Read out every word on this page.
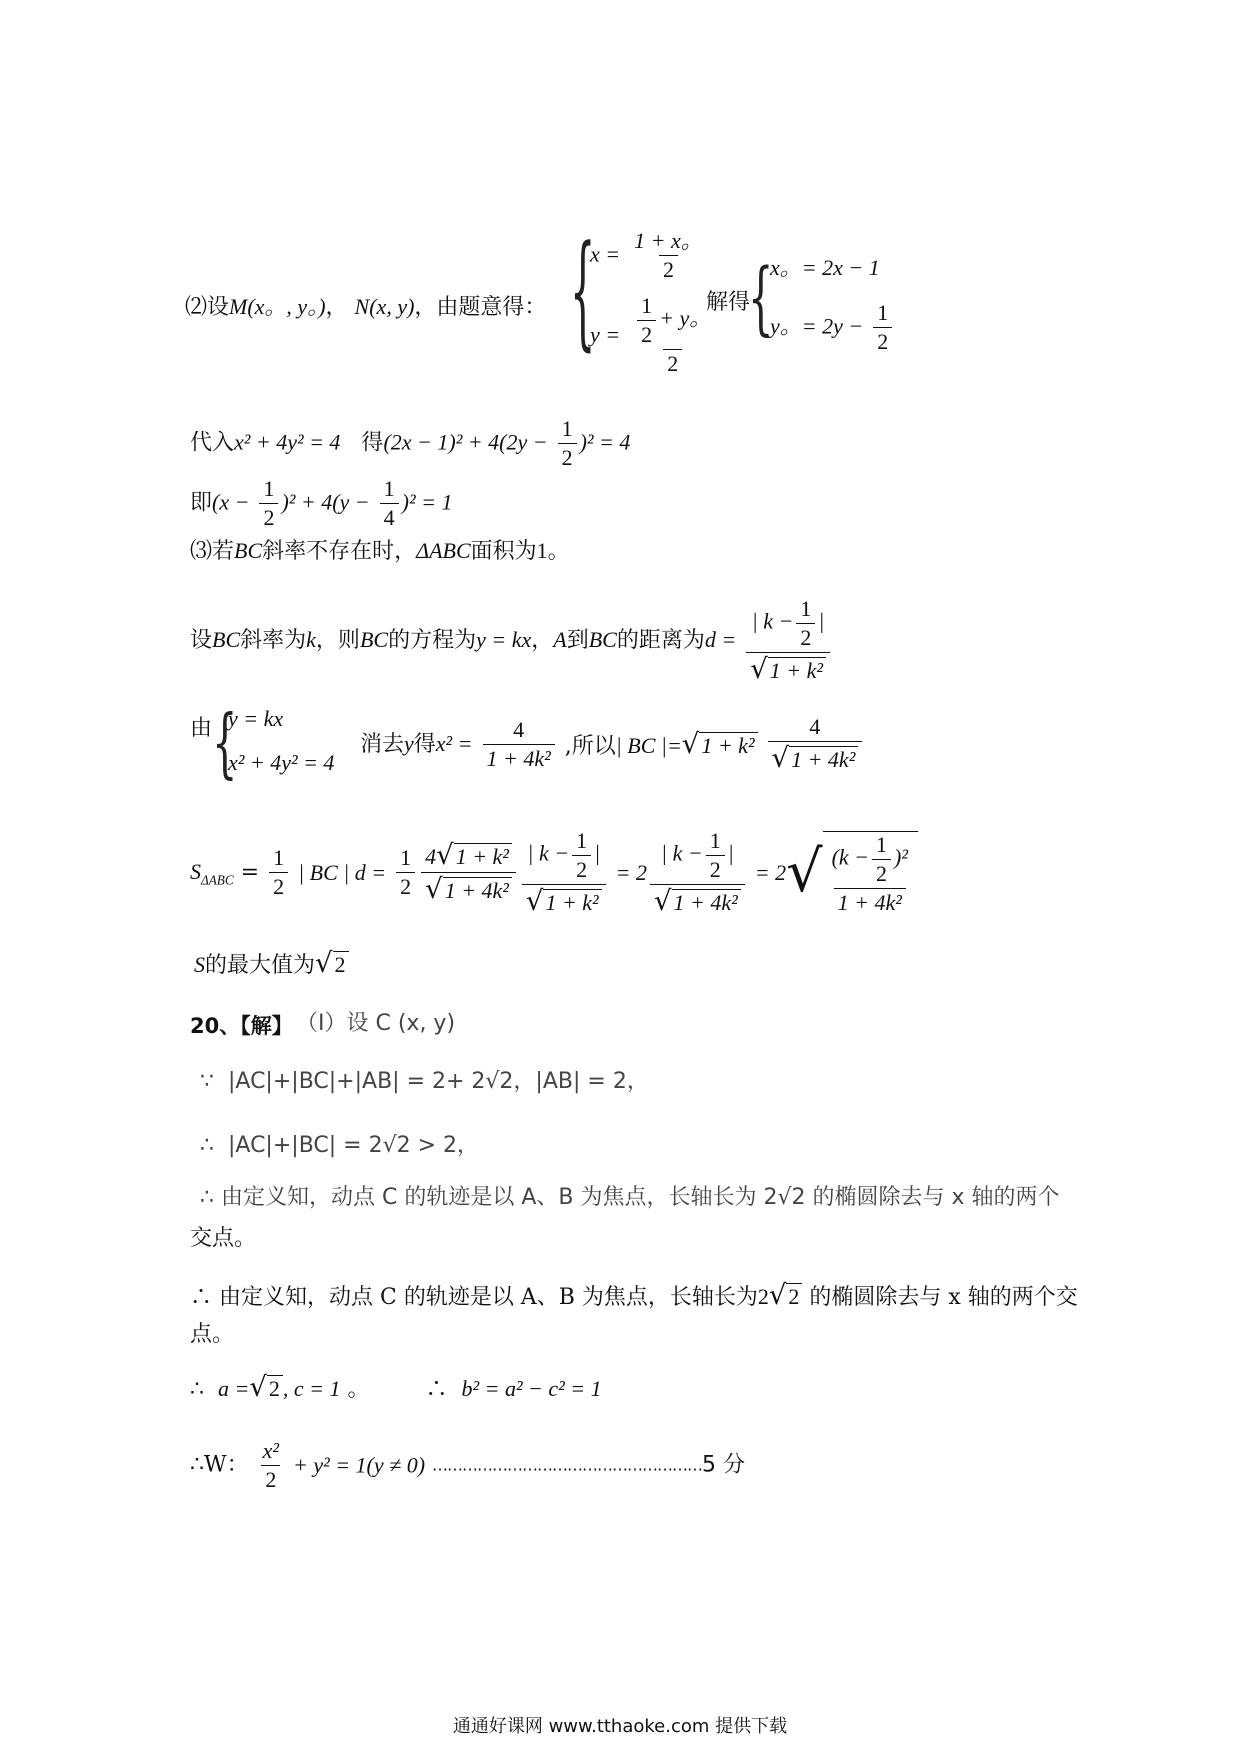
⑵设M(x。, y。)， N(x, y)，由题意得： {
$x = \frac{1 + x。}{2}$
$y = \frac{\frac{1}{2} + y。}{2}$
解得
{
x。= 2x − 1
y。= $2y - \frac{1}{2}$
代入x² + 4y² = 4 得$(2x - 1)^2 + 4(2y - \frac{1}{2} )^2 = 4$
即$(x - \frac{1}{2} )^2 + 4(y - \frac{1}{4} )^2 = 1$
⑶若BC斜率不存在时，ΔABC面积为1。
设BC斜率为k，则BC的方程为y = kx，A到BC的距离为$d = \frac{| k - \frac{1}{2} |}{\text{√1 + k²}}$
由 {
y = kx
x² + 4y² = 4
消去y得$x^2 = \frac{4}{\text{1 + 4k²}}$ ,所以| BC $|=√1 + k^2 \frac{4}{\text{√1 + 4k²}}$
$S_{\Delta ABC} = \frac{1}{2}$ | BC | $d = \frac{1}{2} \frac{\text{4√1 + k²}}{\text{√1 + 4k²}} \frac{| k - \frac{1}{2} |}{\text{√1 + k²}} = 2 \frac{| k - \frac{1}{2} |}{\text{√1 + 4k²}} = 2√ \frac{(k - \frac{1}{2} )^2}{\text{1 + 4k²}}$
S的最大值为√2
20、【解】 （I）设 C (x, y)
∵ |AC|+|BC|+|AB| = 2+ 2√2，|AB| = 2，
∴ |AC|+|BC| = 2√2 > 2，
∴ 由定义知，动点 C 的轨迹是以 A、B 为焦点，长轴长为 2√2 的椭圆除去与 x 轴的两个
交点。
∴ 由定义知，动点 C 的轨迹是以 A、B 为焦点，长轴长为2√2 的椭圆除去与 x 轴的两个交
点。
∴ a =√2 , c = 1 。	∴ b² = a² − c² = 1
∴W： $\frac{\text{x²}}{2} + y^2 = 1(y \ne 0)$ ………………………………………………5 分
通通好课网 www.tthaoke.com 提供下载
